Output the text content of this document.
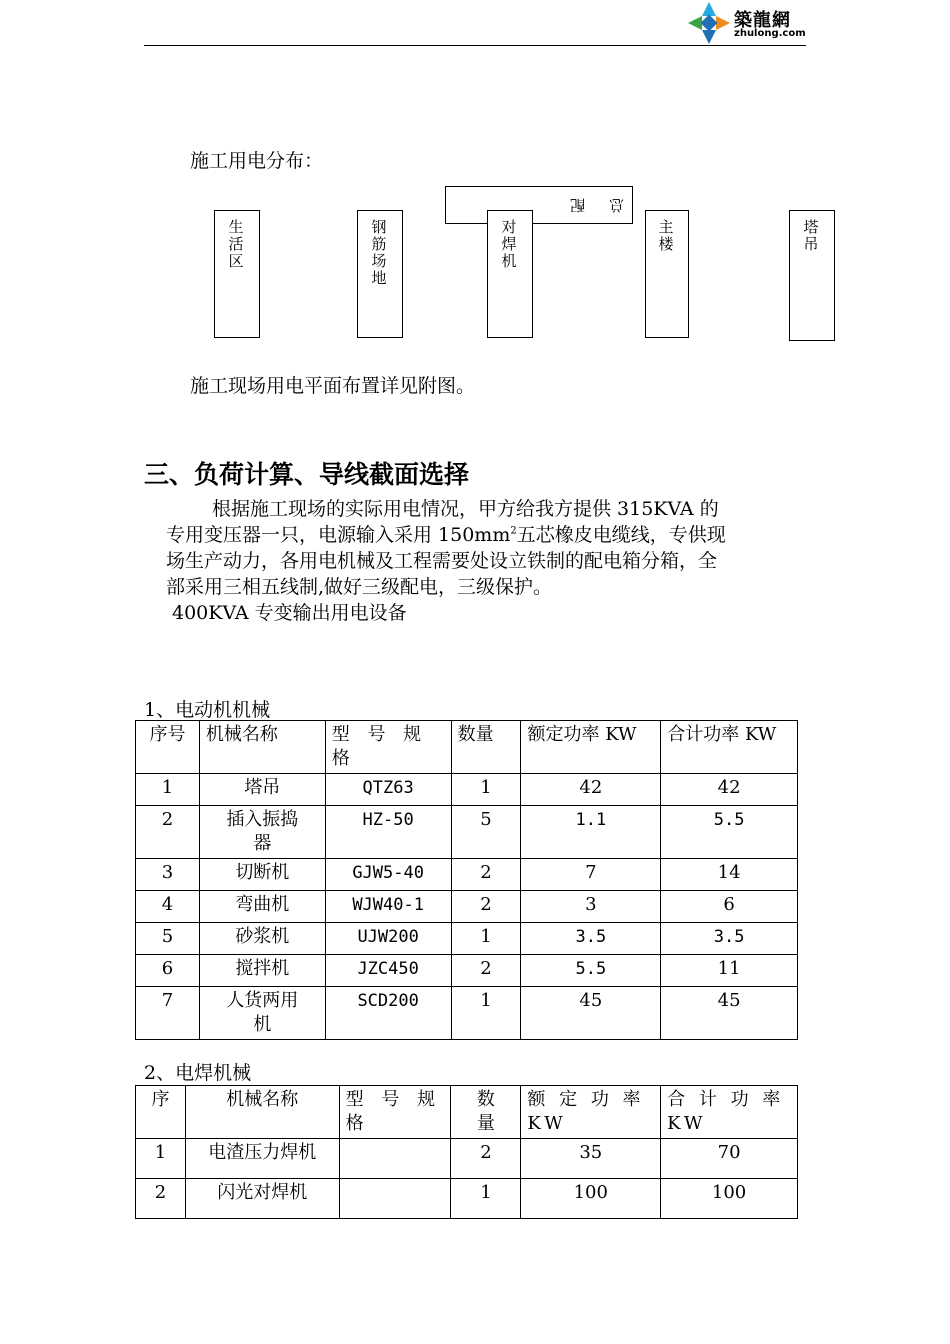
築龍網
zhulong.com
施工用电分布：
总配
生活区
钢筋场地
对焊机
主楼
塔吊
施工现场用电平面布置详见附图。
三、负荷计算、导线截面选择

根据施工现场的实际用电情况，甲方给我方提供 315KVA 的

专用变压器一只，电源输入采用 $150mm^2$五芯橡皮电缆线，专供现

场生产动力，各用电机械及工程需要处设立铁制的配电箱分箱，全

部采用三相五线制,做好三级配电，三级保护。

400KVA 专变输出用电设备

1、电动机机械
序号	机械名称	型 号 规格	数量	额定功率 KW	合计功率 KW
1	塔吊	QTZ63	1	42	42
2	插入振捣器	HZ-50	5	1.1	5.5
3	切断机	GJW5-40	2	7	14
4	弯曲机	WJW40-1	2	3	6
5	砂浆机	UJW200	1	3.5	3.5
6	搅拌机	JZC450	2	5.5	11
7	人货两用机	SCD200	1	45	45
2、电焊机械
序	机械名称	型 号 规格	数量	额 定 功 率 KW	合 计 功 率 KW
1	电渣压力焊机		2	35	70
2	闪光对焊机		1	100	100
